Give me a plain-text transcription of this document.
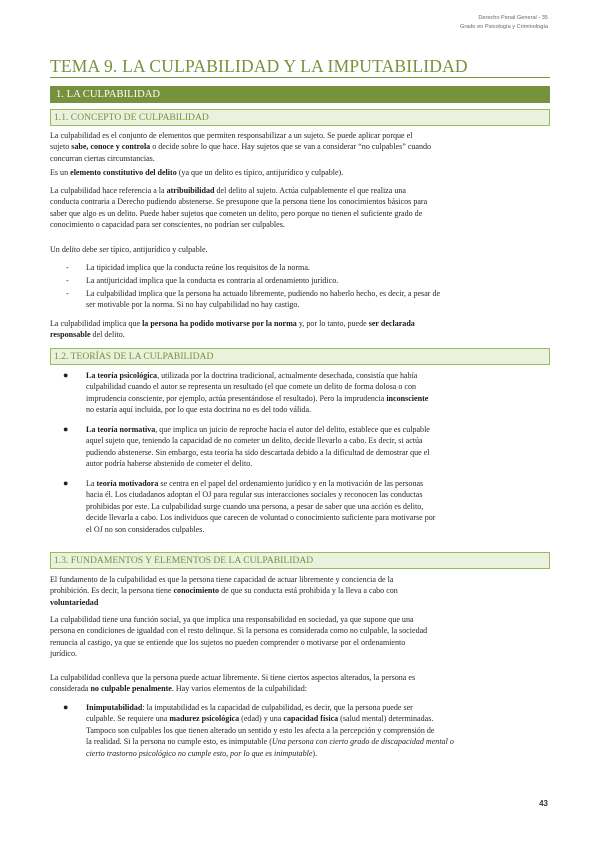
Derecho Penal General - 35
Grado en Psicología y Criminología
TEMA 9. LA CULPABILIDAD Y LA IMPUTABILIDAD
1. LA CULPABILIDAD
1.1. CONCEPTO DE CULPABILIDAD
La culpabilidad es el conjunto de elementos que permiten responsabilizar a un sujeto. Se puede aplicar porque el
sujeto sabe, conoce y controla o decide sobre lo que hace. Hay sujetos que se van a considerar “no culpables” cuando
concurran ciertas circunstancias.
Es un elemento constitutivo del delito (ya que un delito es típico, antijurídico y culpable).
La culpabilidad hace referencia a la atribuibilidad del delito al sujeto. Actúa culpablemente el que realiza una
conducta contraria a Derecho pudiendo abstenerse. Se presupone que la persona tiene los conocimientos básicos para
saber que algo es un delito. Puede haber sujetos que cometen un delito, pero porque no tienen el suficiente grado de
conocimiento o capacidad para ser conscientes, no podrían ser culpables.
Un delito debe ser típico, antijurídico y culpable.
- La tipicidad implica que la conducta reúne los requisitos de la norma.
- La antijuricidad implica que la conducta es contraria al ordenamiento jurídico.
- La culpabilidad implica que la persona ha actuado libremente, pudiendo no haberlo hecho, es decir, a pesar de
ser motivable por la norma. Si no hay culpabilidad no hay castigo.
La culpabilidad implica que la persona ha podido motivarse por la norma y, por lo tanto, puede ser declarada
responsable del delito.
1.2. TEORÍAS DE LA CULPABILIDAD
● La teoría psicológica, utilizada por la doctrina tradicional, actualmente desechada, consistía que había
culpabilidad cuando el autor se representa un resultado (el que comete un delito de forma dolosa o con
imprudencia consciente, por ejemplo, actúa presentándose el resultado). Pero la imprudencia inconsciente
no estaría aquí incluida, por lo que esta doctrina no es del todo válida.
● La teoría normativa, que implica un juicio de reproche hacia el autor del delito, establece que es culpable
aquel sujeto que, teniendo la capacidad de no cometer un delito, decide llevarlo a cabo. Es decir, si actúa
pudiendo abstenerse. Sin embargo, esta teoría ha sido descartada debido a la dificultad de demostrar que el
autor podría haberse abstenido de cometer el delito.
● La teoría motivadora se centra en el papel del ordenamiento jurídico y en la motivación de las personas
hacia él. Los ciudadanos adoptan el OJ para regular sus interacciones sociales y reconocen las conductas
prohibidas por este. La culpabilidad surge cuando una persona, a pesar de saber que una acción es delito,
decide llevarla a cabo. Los individuos que carecen de voluntad o conocimiento suficiente para motivarse por
el OJ no son considerados culpables.
1.3. FUNDAMENTOS Y ELEMENTOS DE LA CULPABILIDAD
El fundamento de la culpabilidad es que la persona tiene capacidad de actuar libremente y conciencia de la
prohibición. Es decir, la persona tiene conocimiento de que su conducta está prohibida y la lleva a cabo con
voluntariedad
La culpabilidad tiene una función social, ya que implica una responsabilidad en sociedad, ya que supone que una
persona en condiciones de igualdad con el resto delinque. Si la persona es considerada como no culpable, la sociedad
renuncia al castigo, ya que se entiende que los sujetos no pueden comprender o motivarse por el ordenamiento
jurídico.
La culpabilidad conlleva que la persona puede actuar libremente. Si tiene ciertos aspectos alterados, la persona es
considerada no culpable penalmente. Hay varios elementos de la culpabilidad:
● Inimputabilidad: la imputabilidad es la capacidad de culpabilidad, es decir, que la persona puede ser
culpable. Se requiere una madurez psicológica (edad) y una capacidad física (salud mental) determinadas.
Tampoco son culpables los que tienen alterado un sentido y esto les afecta a la percepción y comprensión de
la realidad. Si la persona no cumple esto, es inimputable (Una persona con cierto grado de discapacidad mental o
cierto trastorno psicológico no cumple esto, por lo que es inimputable).
43
